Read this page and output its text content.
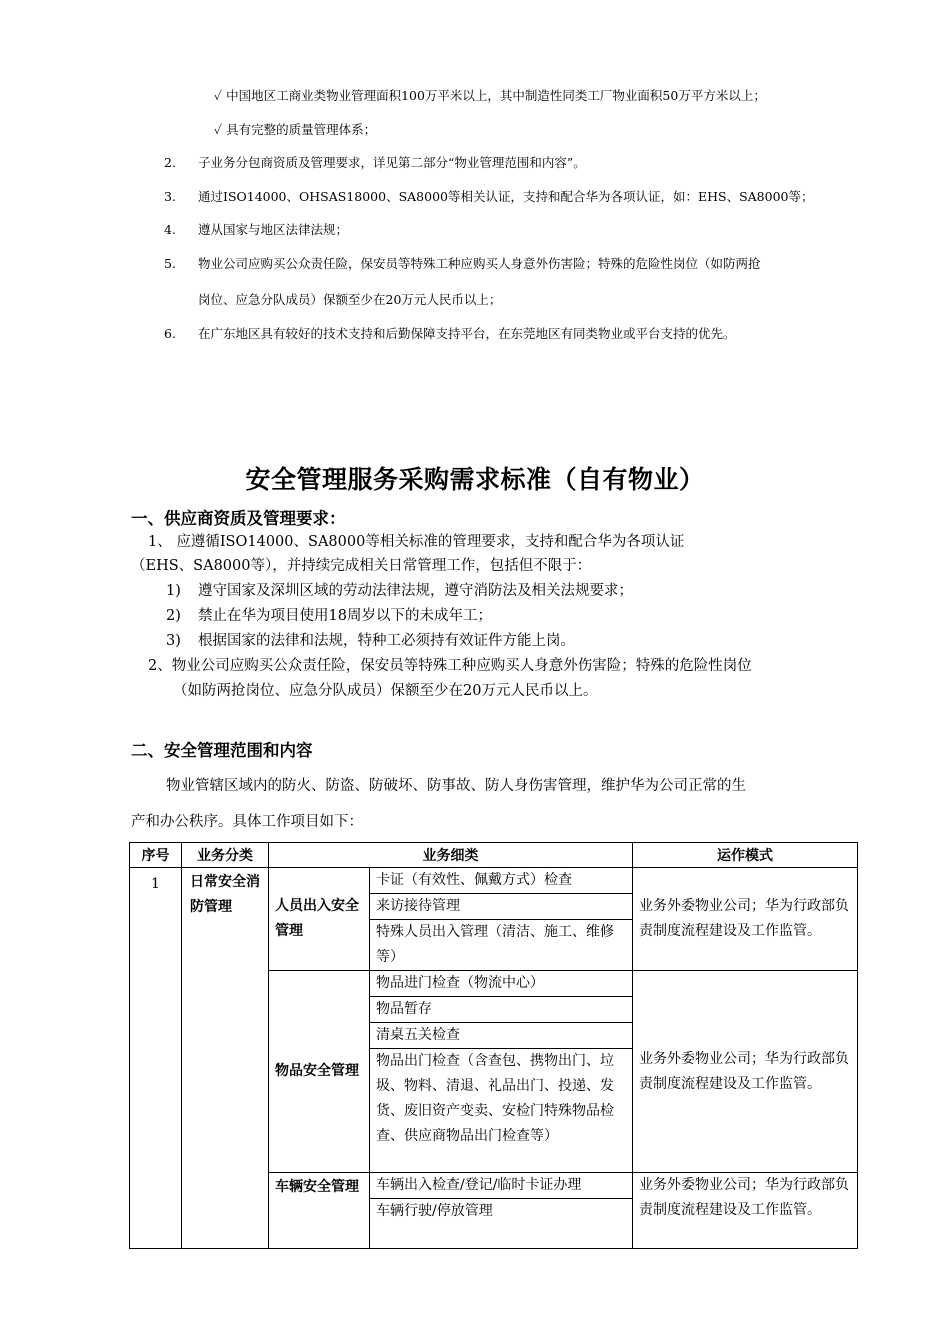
✓ 中国地区工商业类物业管理面积100万平米以上，其中制造性同类工厂物业面积50万平方米以上；
✓ 具有完整的质量管理体系；
2. 子业务分包商资质及管理要求，详见第二部分“物业管理范围和内容”。
3. 通过ISO14000、OHSAS18000、SA8000等相关认证，支持和配合华为各项认证，如：EHS、SA8000等；
4. 遵从国家与地区法律法规；
5. 物业公司应购买公众责任险，保安员等特殊工种应购买人身意外伤害险；特殊的危险性岗位（如防两抢
岗位、应急分队成员）保额至少在20万元人民币以上；
6. 在广东地区具有较好的技术支持和后勤保障支持平台，在东莞地区有同类物业或平台支持的优先。
安全管理服务采购需求标准（自有物业）
一、供应商资质及管理要求：
1、 应遵循ISO14000、SA8000等相关标准的管理要求，支持和配合华为各项认证
（EHS、SA8000等），并持续完成相关日常管理工作，包括但不限于：
1) 遵守国家及深圳区域的劳动法律法规，遵守消防法及相关法规要求；
2) 禁止在华为项目使用18周岁以下的未成年工；
3) 根据国家的法律和法规，特种工必须持有效证件方能上岗。
2、物业公司应购买公众责任险，保安员等特殊工种应购买人身意外伤害险；特殊的危险性岗位
（如防两抢岗位、应急分队成员）保额至少在20万元人民币以上。
二、安全管理范围和内容
物业管辖区域内的防火、防盗、防破坏、防事故、防人身伤害管理，维护华为公司正常的生
产和办公秩序。具体工作项目如下：
序号	业务分类	业务细类		运作模式

1	日常安全消防管理	人员出入安全管理	卡证（有效性、佩戴方式）检查
来访接待管理
特殊人员出入管理（清洁、施工、维修等）	业务外委物业公司；华为行政部负责制度流程建设及工作监管。

		物品安全管理	物品进门检查（物流中心）
物品暂存
清桌五关检查
物品出门检查（含查包、携物出门、垃圾、物料、清退、礼品出门、投递、发货、废旧资产变卖、安检门特殊物品检查、供应商物品出门检查等）	业务外委物业公司；华为行政部负责制度流程建设及工作监管。

		车辆安全管理	车辆出入检查/登记/临时卡证办理
车辆行驶/停放管理	业务外委物业公司；华为行政部负责制度流程建设及工作监管。
